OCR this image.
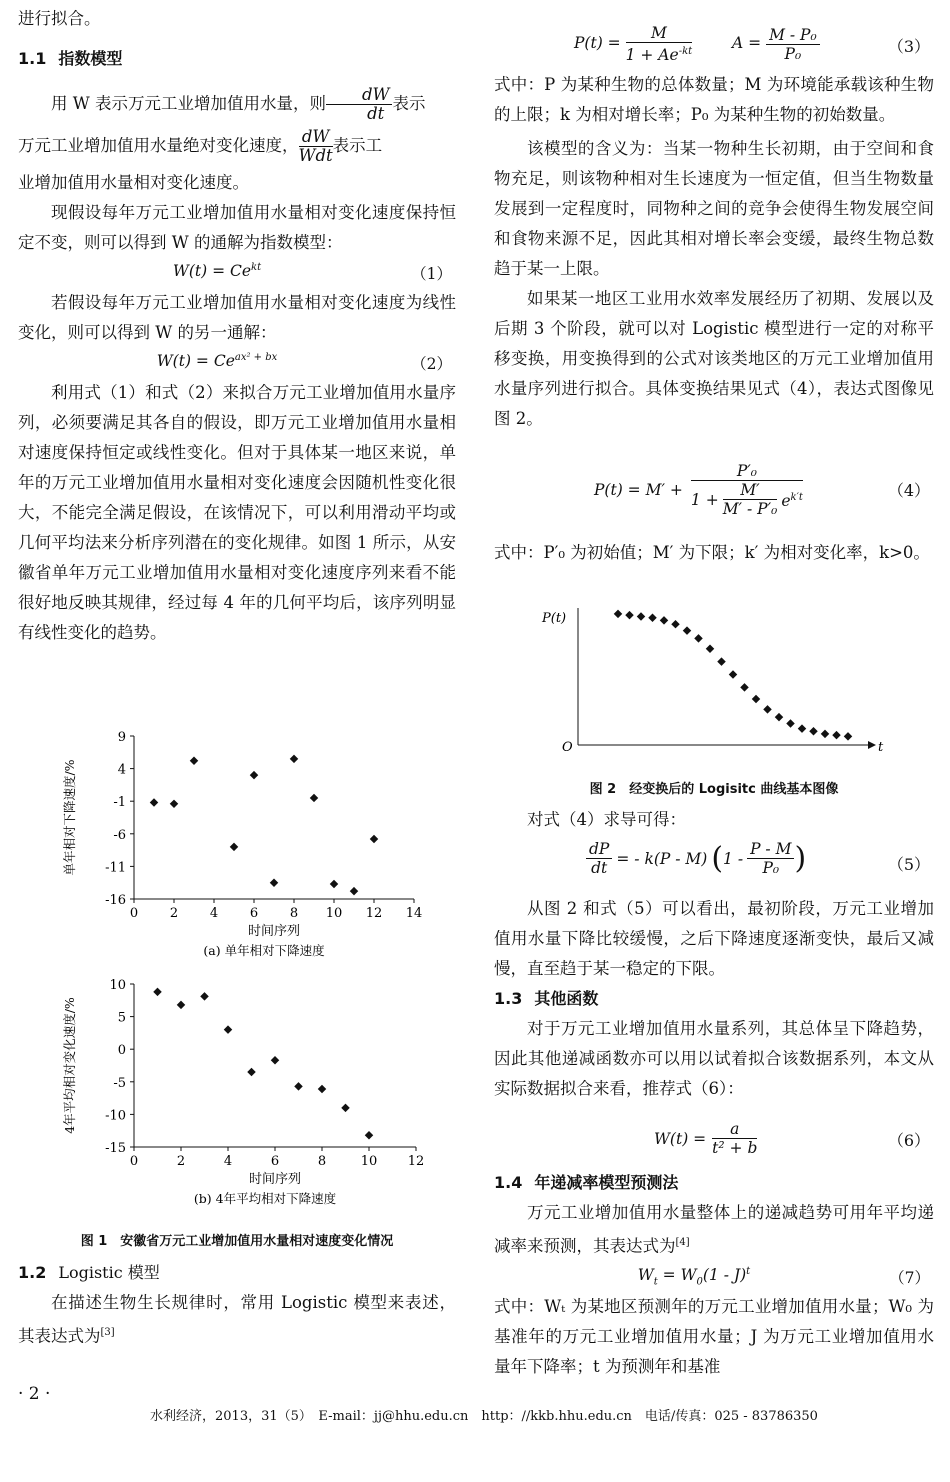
进行拟合。

1.1 指数模型

用 W 表示万元工业增加值用水量，则 $\frac{dW}{dt}$ 表示

万元工业增加值用水量绝对变化速度， $\frac{dW}{\text{Wdt}}$ 表示工

业增加值用水量相对变化速度。

现假设每年万元工业增加值用水量相对变化速度保持恒定不变，则可以得到 W 的通解为指数模型：

$W(t) = Ce^{kt}$	（1）

若假设每年万元工业增加值用水量相对变化速度为线性变化，则可以得到 W 的另一通解：

$W(t) = Ce^{ax^2 + bx}$	（2）

利用式（1）和式（2）来拟合万元工业增加值用水量序列，必须要满足其各自的假设，即万元工业增加值用水量相对速度保持恒定或线性变化。但对于具体某一地区来说，单年的万元工业增加值用水量相对变化速度会因随机性变化很大，不能完全满足假设，在该情况下，可以利用滑动平均或几何平均法来分析序列潜在的变化规律。如图 1 所示，从安徽省单年万元工业增加值用水量相对变化速度序列来看不能很好地反映其规律，经过每 4 年的几何平均后，该序列明显有线性变化的趋势。

0 2 4 6 8 10 12 14
9
4
-1
-6
-11
-16
时间序列
(a) 单年相对下降速度
单年相对下降速度/%
0	2	4	6	8	10 12
10
5
0
-5
-10
-15
时间序列
(b) 4年平均相对下降速度
4年平均相对变化速度/%
图 1　安徽省万元工业增加值用水量相对速度变化情况
1.2 Logistic 模型

在描述生物生长规律时，常用 Logistic 模型来表述，其表达式为[3]

$P(t) = \frac{M}{1 + Ae^{-kt}}$	$A = \frac{\text{M - P₀}}{\text{P₀}}$	（3）

式中：P 为某种生物的总体数量；M 为环境能承载该种生物的上限；k 为相对增长率；P₀ 为某种生物的初始数量。

该模型的含义为：当某一物种生长初期，由于空间和食物充足，则该物种相对生长速度为一恒定值，但当生物数量发展到一定程度时，同物种之间的竞争会使得生物发展空间和食物来源不足，因此其相对增长率会变缓，最终生物总数趋于某一上限。

如果某一地区工业用水效率发展经历了初期、发展以及后期 3 个阶段，就可以对 Logistic 模型进行一定的对称平移变换，用变换得到的公式对该类地区的万元工业增加值用水量序列进行拟合。具体变换结果见式（4），表达式图像见图 2。

$P(t) = M' + \frac{\text{P′₀}}{1 + \frac{M'}{\text{M′ - P′₀}} e^{k't}}$	（4）

式中：P′₀ 为初始值；M′ 为下限；k′ 为相对变化率，k>0。

P(t)
t
O
图 2　经变换后的 Logisitc 曲线基本图像

对式（4）求导可得：

$\frac{dP}{dt}$ = - k(P - M) ( $1 - \frac{P - M}{\text{P₀}}$ )	（5）

从图 2 和式（5）可以看出，最初阶段，万元工业增加值用水量下降比较缓慢，之后下降速度逐渐变快，最后又减慢，直至趋于某一稳定的下限。

1.3 其他函数

对于万元工业增加值用水量系列，其总体呈下降趋势，因此其他递减函数亦可以用以试着拟合该数据系列，本文从实际数据拟合来看，推荐式（6）：

$W(t) = \frac{a}{\text{t² + b}}$	（6）
1.4 年递减率模型预测法

万元工业增加值用水量整体上的递减趋势可用年平均递减率来预测，其表达式为[4]

$W_t = W_0(1 - J)^t$	（7）

式中：Wₜ 为某地区预测年的万元工业增加值用水量；W₀ 为基准年的万元工业增加值用水量；J 为万元工业增加值用水量年下降率；t 为预测年和基准

· 2 ·
水利经济，2013，31（5）　E-mail：jj@hhu.edu.cn　http：//kkb.hhu.edu.cn　电话/传真：025 - 83786350
